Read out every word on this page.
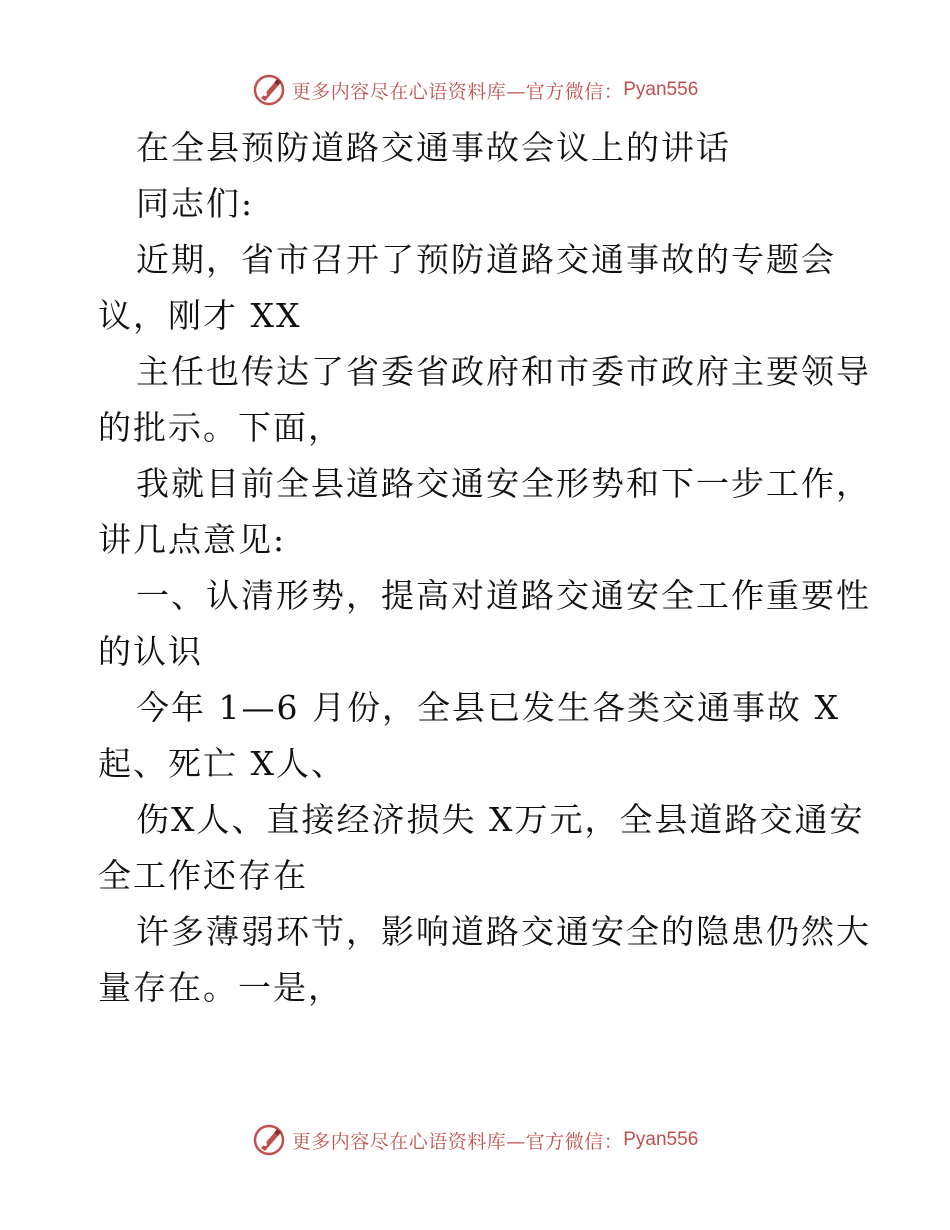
更多内容尽在心语资料库—官方微信： Pyan556
在全县预防道路交通事故会议上的讲话
同志们:
近期，省市召开了预防道路交通事故的专题会
议，刚才 XX
主任也传达了省委省政府和市委市政府主要领导
的批示。下面，
我就目前全县道路交通安全形势和下一步工作，
讲几点意见:
一、认清形势，提高对道路交通安全工作重要性
的认识
今年 1—6 月份，全县已发生各类交通事故 X
起、死亡 X人、
伤X人、直接经济损失 X万元，全县道路交通安
全工作还存在
许多薄弱环节，影响道路交通安全的隐患仍然大
量存在。一是，
更多内容尽在心语资料库—官方微信： Pyan556
